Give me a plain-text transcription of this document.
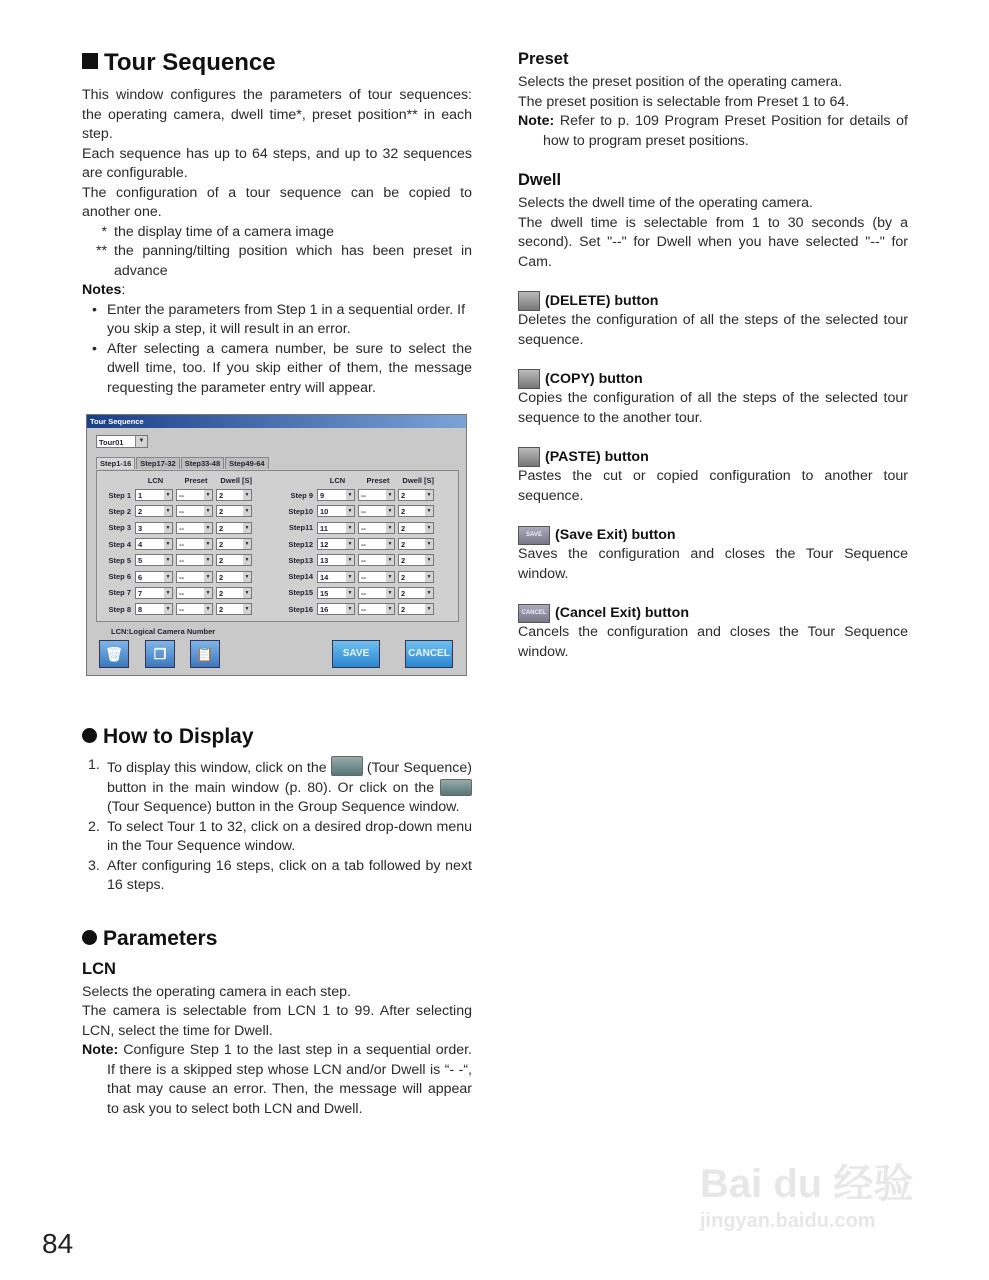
Tour Sequence

This window configures the parameters of tour sequences: the operating camera, dwell time*, preset position** in each step.

Each sequence has up to 64 steps, and up to 32 sequences are configurable.

The configuration of a tour sequence can be copied to another one.

* the display time of a camera image
** the panning/tilting position which has been preset in advance
Notes:
• Enter the parameters from Step 1 in a sequential order. If you skip a step, it will result in an error.
• After selecting a camera number, be sure to select the dwell time, too. If you skip either of them, the message requesting the parameter entry will appear.
Tour Sequence
Tour01	▼
Step1-16	Step17-32	Step33-48	Step49-64
LCN	Preset	Dwell [S]
Step 1 1	▼	--	▼	2	▼
Step 2 2	▼	--	▼	2	▼
Step 3 3	▼	--	▼	2	▼
Step 4 4	▼	--	▼	2	▼
Step 5 5	▼	--	▼	2	▼
Step 6 6	▼	--	▼	2	▼
Step 7 7	▼	--	▼	2	▼
Step 8 8	▼	--	▼	2	▼
LCN	Preset	Dwell [S]
Step 9 9	▼	--	▼	2	▼
Step10 10	▼	--	▼	2	▼
Step11 11	▼	--	▼	2	▼
Step12 12	▼	--	▼	2	▼
Step13 13	▼	--	▼	2	▼
Step14 14	▼	--	▼	2	▼
Step15 15	▼	--	▼	2	▼
Step16 16	▼	--	▼	2	▼
LCN:Logical Camera Number
🗑	❐	📋	SAVE	CANCEL
How to Display
1. To display this window, click on the	(Tour Sequence) button in the main window (p. 80). Or click on the  (Tour Sequence) button in the Group Sequence window.
2. To select Tour 1 to 32, click on a desired drop-down menu in the Tour Sequence window.
3. After configuring 16 steps, click on a tab followed by next 16 steps.
Parameters
LCN

Selects the operating camera in each step.

The camera is selectable from LCN 1 to 99. After selecting LCN, select the time for Dwell.

Note: Configure Step 1 to the last step in a sequential order. If there is a skipped step whose LCN and/or Dwell is “- -“, that may cause an error. Then, the message will appear to ask you to select both LCN and Dwell.

Preset

Selects the preset position of the operating camera.

The preset position is selectable from Preset 1 to 64.

Note: Refer to p. 109 Program Preset Position for details of how to program preset positions.

Dwell

Selects the dwell time of the operating camera.

The dwell time is selectable from 1 to 30 seconds (by a second). Set "--" for Dwell when you have selected "--" for Cam.

(DELETE) button

Deletes the configuration of all the steps of the selected tour sequence.

(COPY) button

Copies the configuration of all the steps of the selected tour sequence to the another tour.

(PASTE) button

Pastes the cut or copied configuration to another tour sequence.

SAVE (Save Exit) button

Saves the configuration and closes the Tour Sequence window.

CANCEL (Cancel Exit) button

Cancels the configuration and closes the Tour Sequence window.

Bai du 经验
jingyan.baidu.com
84
